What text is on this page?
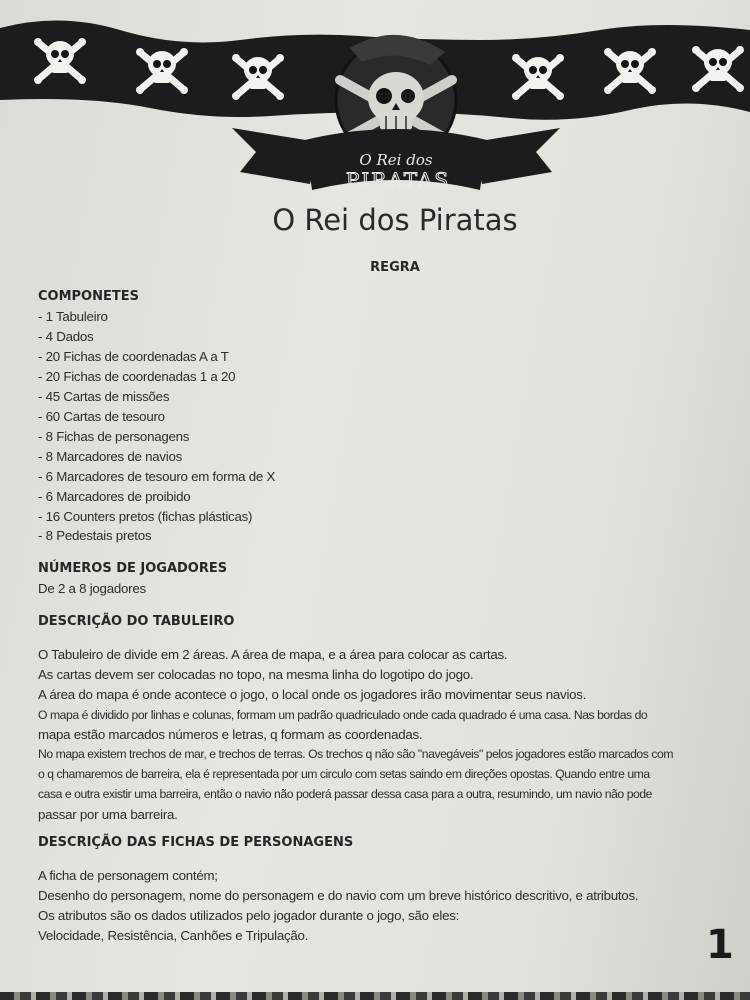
O Rei dos
PIRATAS
O Rei dos Piratas
REGRA
COMPONETES
- 1 Tabuleiro
- 4 Dados
- 20 Fichas de coordenadas A a T
- 20 Fichas de coordenadas 1 a 20
- 45 Cartas de missões
- 60 Cartas de tesouro
- 8 Fichas de personagens
- 8 Marcadores de navios
- 6 Marcadores de tesouro em forma de X
- 6 Marcadores de proibido
- 16 Counters pretos (fichas plásticas)
- 8 Pedestais pretos
NÚMEROS DE JOGADORES
De 2 a 8 jogadores
DESCRIÇÃO DO TABULEIRO
O Tabuleiro de divide em 2 áreas. A área de mapa, e a área para colocar as cartas.
As cartas devem ser colocadas no topo, na mesma linha do logotipo do jogo.
A área do mapa é onde acontece o jogo, o local onde os jogadores irão movimentar seus navios.
O mapa é dividido por linhas e colunas, formam um padrão quadriculado onde cada quadrado é uma casa. Nas bordas do
mapa estão marcados números e letras, q formam as coordenadas.
No mapa existem trechos de mar, e trechos de terras. Os trechos q não são "navegáveis" pelos jogadores estão marcados com
o q chamaremos de barreira, ela é representada por um circulo com setas saindo em direções opostas. Quando entre uma
casa e outra existir uma barreira, então o navio não poderá passar dessa casa para a outra, resumindo, um navio não pode
passar por uma barreira.
DESCRIÇÃO DAS FICHAS DE PERSONAGENS
A ficha de personagem contém;
Desenho do personagem, nome do personagem e do navio com um breve histórico descritivo, e atributos.
Os atributos são os dados utilizados pelo jogador durante o jogo, são eles:
Velocidade, Resistência, Canhões e Tripulação.	1
